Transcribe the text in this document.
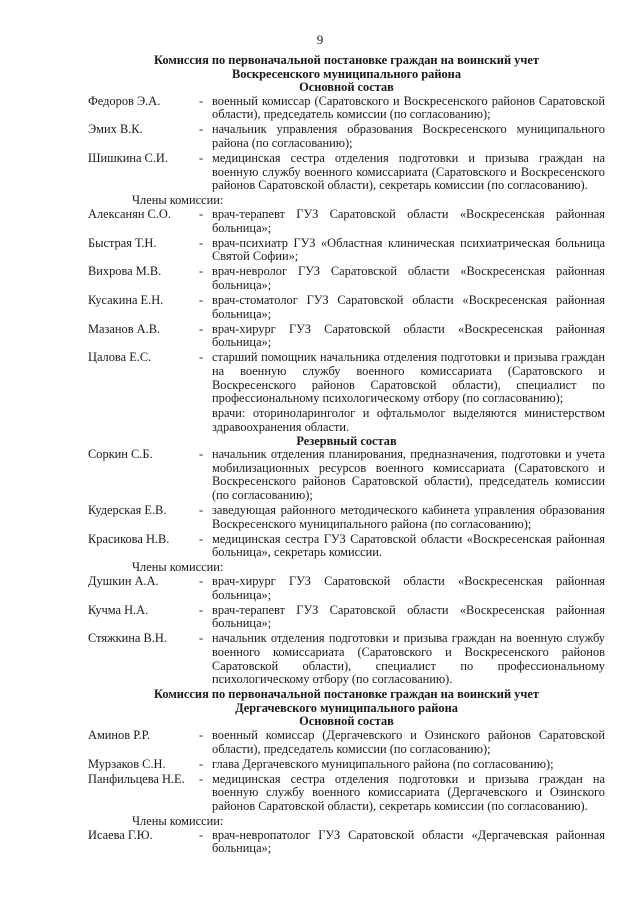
9

Комиссия по первоначальной постановке граждан на воинский учет

Воскресенского муниципального района

Основной состав

Федоров Э.А.	- военный комиссар (Саратовского и Воскресенского районов Саратовской области), председатель комиссии (по согласованию);
Эмих В.К.	- начальник управления образования Воскресенского муниципального района (по согласованию);
Шишкина С.И.	- медицинская сестра отделения подготовки и призыва граждан на военную службу военного комиссариата (Саратовского и Воскресенского районов Саратовской области), секретарь комиссии (по согласованию).
Члены комиссии:
Алексанян С.О.	- врач-терапевт ГУЗ Саратовской области «Воскресенская районная больница»;
Быстрая Т.Н.	- врач-психиатр ГУЗ «Областная клиническая психиатрическая больница Святой Софии»;
Вихрова М.В.	- врач-невролог ГУЗ Саратовской области «Воскресенская районная больница»;
Кусакина Е.Н.	- врач-стоматолог ГУЗ Саратовской области «Воскресенская районная больница»;
Мазанов А.В.	- врач-хирург ГУЗ Саратовской области «Воскресенская районная больница»;
Цалова Е.С.	- старший помощник начальника отделения подготовки и призыва граждан на военную службу военного комиссариата (Саратовского и Воскресенского районов Саратовской области), специалист по профессиональному психологическому отбору (по согласованию);
врачи: оториноларинголог и офтальмолог выделяются министерством здравоохранения области.

Резервный состав

Соркин С.Б.	- начальник отделения планирования, предназначения, подготовки и учета мобилизационных ресурсов военного комиссариата (Саратовского и Воскресенского районов Саратовской области), председатель комиссии (по согласованию);
Кудерская Е.В.	- заведующая районного методического кабинета управления образования Воскресенского муниципального района (по согласованию);
Красикова Н.В.	- медицинская сестра ГУЗ Саратовской области «Воскресенская районная больница», секретарь комиссии.
Члены комиссии:
Душкин А.А.	- врач-хирург ГУЗ Саратовской области «Воскресенская районная больница»;
Кучма Н.А.	- врач-терапевт ГУЗ Саратовской области «Воскресенская районная больница»;
Стяжкина В.Н.	- начальник отделения подготовки и призыва граждан на военную службу военного комиссариата (Саратовского и Воскресенского районов Саратовской области), специалист по профессиональному психологическому отбору (по согласованию).

Комиссия по первоначальной постановке граждан на воинский учет

Дергачевского муниципального района

Основной состав

Аминов Р.Р.	- военный комиссар (Дергачевского и Озинского районов Саратовской области), председатель комиссии (по согласованию);
Мурзаков С.Н.	- глава Дергачевского муниципального района (по согласованию);
Панфильцева Н.Е.	- медицинская сестра отделения подготовки и призыва граждан на военную службу военного комиссариата (Дергачевского и Озинского районов Саратовской области), секретарь комиссии (по согласованию).
Члены комиссии:
Исаева Г.Ю.	- врач-невропатолог ГУЗ Саратовской области «Дергачевская районная больница»;
